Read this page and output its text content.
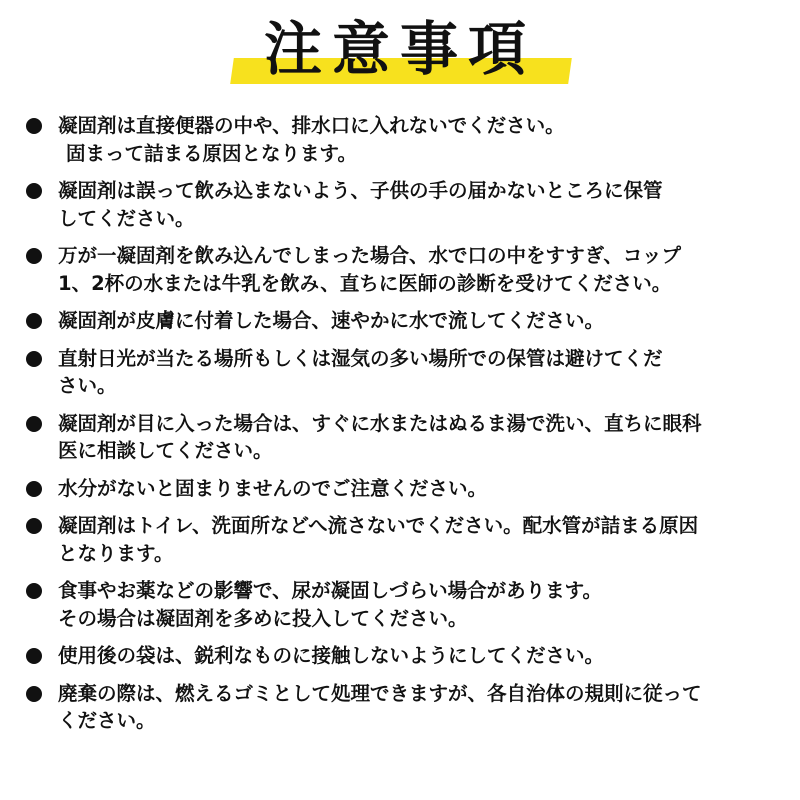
注意事項
凝固剤は直接便器の中や、排水口に入れないでください。
固まって詰まる原因となります。
凝固剤は誤って飲み込まないよう、子供の手の届かないところに保管
してください。
万が一凝固剤を飲み込んでしまった場合、水で口の中をすすぎ、コップ
1、2杯の水または牛乳を飲み、直ちに医師の診断を受けてください。
凝固剤が皮膚に付着した場合、速やかに水で流してください。
直射日光が当たる場所もしくは湿気の多い場所での保管は避けてくだ
さい。
凝固剤が目に入った場合は、すぐに水またはぬるま湯で洗い、直ちに眼科
医に相談してください。
水分がないと固まりませんのでご注意ください。
凝固剤はトイレ、洗面所などへ流さないでください。配水管が詰まる原因
となります。
食事やお薬などの影響で、尿が凝固しづらい場合があります。
その場合は凝固剤を多めに投入してください。
使用後の袋は、鋭利なものに接触しないようにしてください。
廃棄の際は、燃えるゴミとして処理できますが、各自治体の規則に従って
ください。
